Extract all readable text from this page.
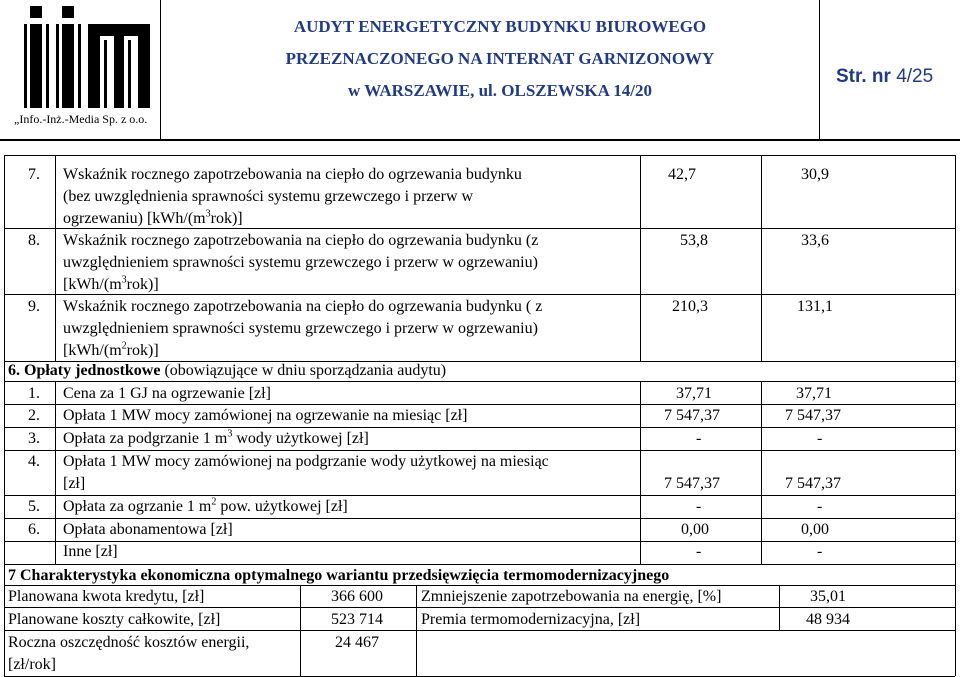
„Info.-Inż.-Media Sp. z o.o.
AUDYT ENERGETYCZNY BUDYNKU BIUROWEGO
PRZEZNACZONEGO NA INTERNAT GARNIZONOWY
w WARSZAWIE, ul. OLSZEWSKA 14/20
Str. nr 4/25
7. Wskaźnik rocznego zapotrzebowania na ciepło do ogrzewania budynku
(bez uwzględnienia sprawności systemu grzewczego i przerw w
ogrzewaniu) $[kWh/(m^3rok)]$
42,7	30,9
8. Wskaźnik rocznego zapotrzebowania na ciepło do ogrzewania budynku (z
uwzględnieniem sprawności systemu grzewczego i przerw w ogrzewaniu)
$[kWh/(m^3rok)]$
53,8	33,6
9. Wskaźnik rocznego zapotrzebowania na ciepło do ogrzewania budynku ( z
uwzględnieniem sprawności systemu grzewczego i przerw w ogrzewaniu)
$[kWh/(m^2rok)]$
210,3	131,1
6. Opłaty jednostkowe (obowiązujące w dniu sporządzania audytu)
1. Cena za 1 GJ na ogrzewanie [zł]	37,71	37,71
2. Opłata 1 MW mocy zamówionej na ogrzewanie na miesiąc [zł]	7 547,37	7 547,37
3. Opłata za podgrzanie 1 $m^3$ wody użytkowej [zł]	-	-
4. Opłata 1 MW mocy zamówionej na podgrzanie wody użytkowej na miesiąc
[zł]	7 547,37	7 547,37
5. Opłata za ogrzanie 1 $m^2$ pow. użytkowej [zł]	-	-
6. Opłata abonamentowa [zł]	0,00	0,00
Inne [zł]	-	-
7 Charakterystyka ekonomiczna optymalnego wariantu przedsięwzięcia termomodernizacyjnego
Planowana kwota kredytu, [zł]	366 600 Zmniejszenie zapotrzebowania na energię, [%]	35,01
Planowane koszty całkowite, [zł]	523 714 Premia termomodernizacyjna, [zł]	48 934
Roczna oszczędność kosztów energii,
[zł/rok]
24 467
